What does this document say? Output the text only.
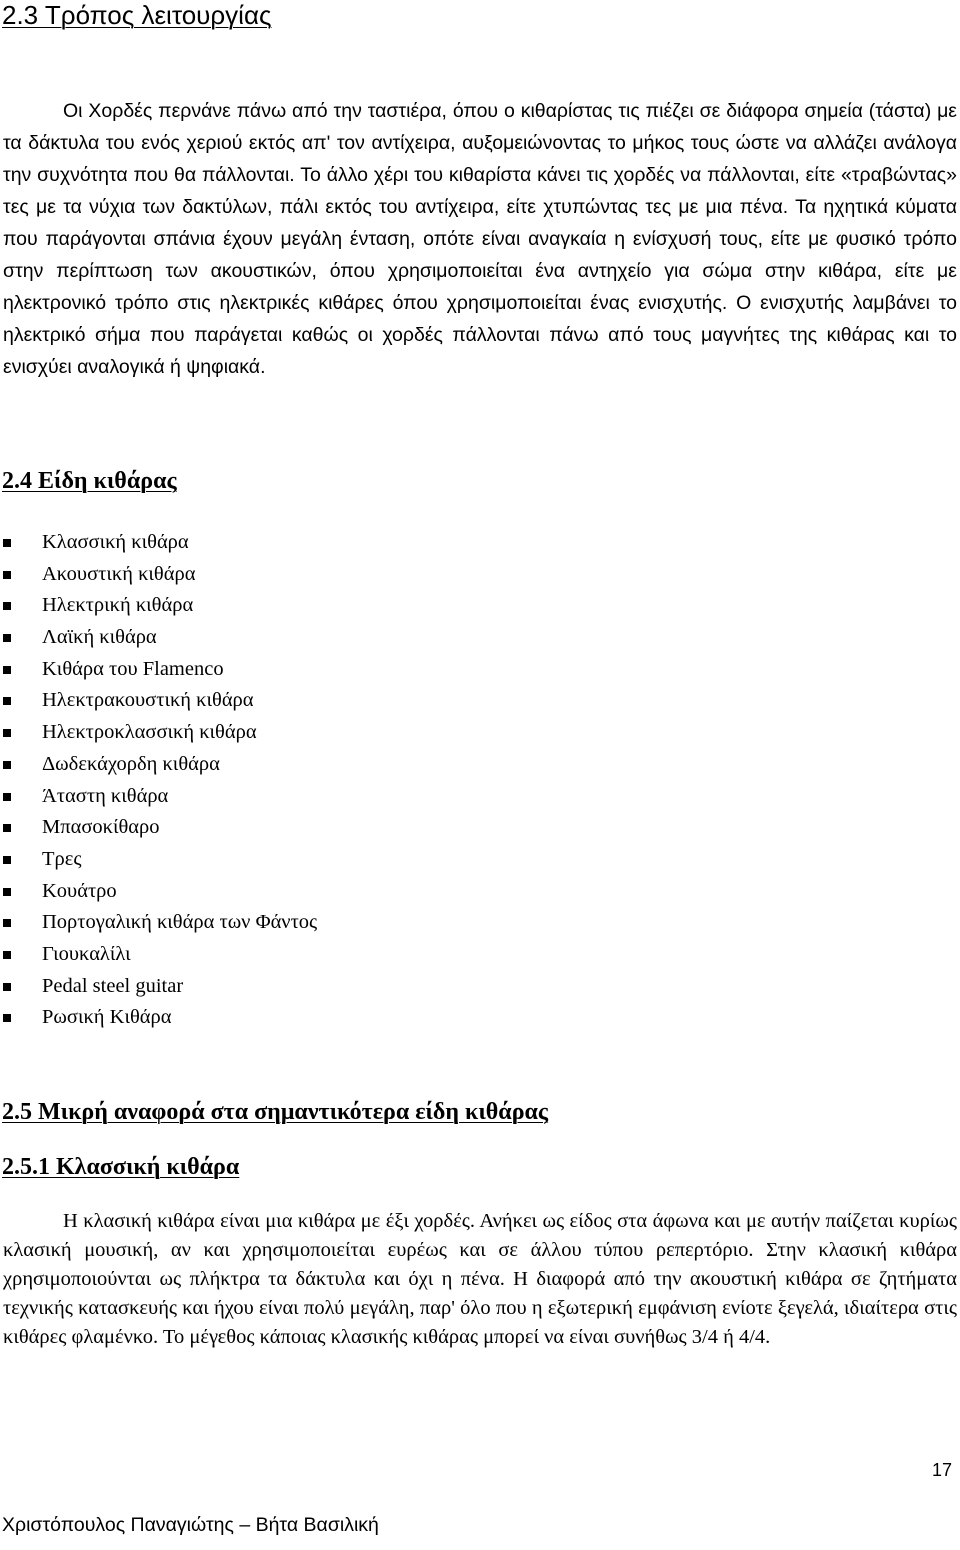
2.3 Τρόπος λειτουργίας

Οι Χορδές περνάνε πάνω από την ταστιέρα, όπου ο κιθαρίστας τις πιέζει σε διάφορα σημεία (τάστα) με τα δάκτυλα του ενός χεριού εκτός απ' τον αντίχειρα, αυξομειώνοντας το μήκος τους ώστε να αλλάζει ανάλογα την συχνότητα που θα πάλλονται. Το άλλο χέρι του κιθαρίστα κάνει τις χορδές να πάλλονται, είτε «τραβώντας» τες με τα νύχια των δακτύλων, πάλι εκτός του αντίχειρα, είτε χτυπώντας τες με μια πένα. Τα ηχητικά κύματα που παράγονται σπάνια έχουν μεγάλη ένταση, οπότε είναι αναγκαία η ενίσχυσή τους, είτε με φυσικό τρόπο στην περίπτωση των ακουστικών, όπου χρησιμοποιείται ένα αντηχείο για σώμα στην κιθάρα, είτε με ηλεκτρονικό τρόπο στις ηλεκτρικές κιθάρες όπου χρησιμοποιείται ένας ενισχυτής. Ο ενισχυτής λαμβάνει το ηλεκτρικό σήμα που παράγεται καθώς οι χορδές πάλλονται πάνω από τους μαγνήτες της κιθάρας και το ενισχύει αναλογικά ή ψηφιακά.

2.4 Είδη κιθάρας
Κλασσική κιθάρα
Ακουστική κιθάρα
Ηλεκτρική κιθάρα
Λαϊκή κιθάρα
Κιθάρα του Flamenco
Ηλεκτρακουστική κιθάρα
Ηλεκτροκλασσική κιθάρα
Δωδεκάχορδη κιθάρα
Άταστη κιθάρα
Μπασοκίθαρο
Τρες
Κουάτρο
Πορτογαλική κιθάρα των Φάντος
Γιουκαλίλι
Pedal steel guitar
Ρωσική Κιθάρα
2.5 Μικρή αναφορά στα σημαντικότερα είδη κιθάρας
2.5.1 Κλασσική κιθάρα

Η κλασική κιθάρα είναι μια κιθάρα με έξι χορδές. Ανήκει ως είδος στα άφωνα και με αυτήν παίζεται κυρίως κλασική μουσική, αν και χρησιμοποιείται ευρέως και σε άλλου τύπου ρεπερτόριο. Στην κλασική κιθάρα χρησιμοποιούνται ως πλήκτρα τα δάκτυλα και όχι η πένα. Η διαφορά από την ακουστική κιθάρα σε ζητήματα τεχνικής κατασκευής και ήχου είναι πολύ μεγάλη, παρ' όλο που η εξωτερική εμφάνιση ενίοτε ξεγελά, ιδιαίτερα στις κιθάρες φλαμένκο. Το μέγεθος κάποιας κλασικής κιθάρας μπορεί να είναι συνήθως 3/4 ή 4/4.

17
Χριστόπουλος Παναγιώτης – Βήτα Βασιλική
